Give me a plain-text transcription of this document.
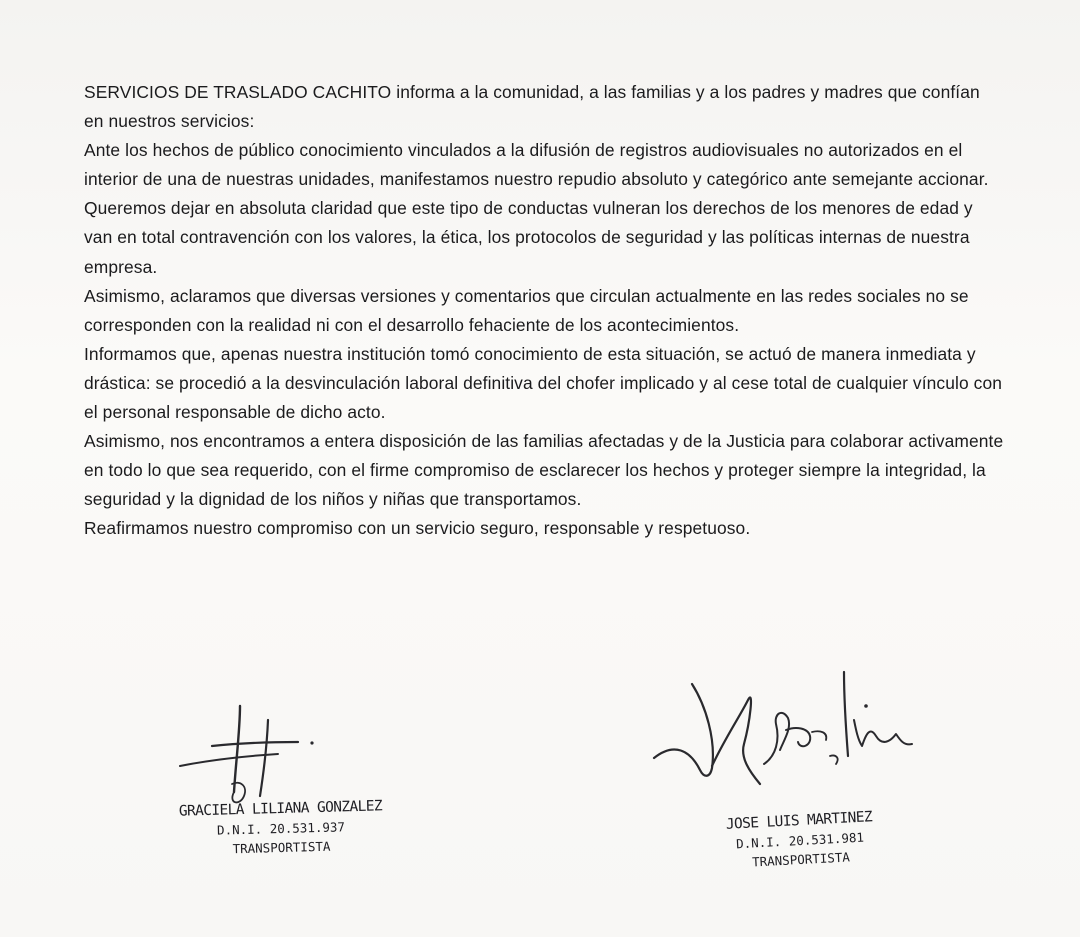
SERVICIOS DE TRASLADO CACHITO informa a la comunidad, a las familias y a los padres y madres que confían en nuestros servicios:

Ante los hechos de público conocimiento vinculados a la difusión de registros audiovisuales no autorizados en el interior de una de nuestras unidades, manifestamos nuestro repudio absoluto y categórico ante semejante accionar.

Queremos dejar en absoluta claridad que este tipo de conductas vulneran los derechos de los menores de edad y van en total contravención con los valores, la ética, los protocolos de seguridad y las políticas internas de nuestra empresa.

Asimismo, aclaramos que diversas versiones y comentarios que circulan actualmente en las redes sociales no se corresponden con la realidad ni con el desarrollo fehaciente de los acontecimientos.

Informamos que, apenas nuestra institución tomó conocimiento de esta situación, se actuó de manera inmediata y drástica: se procedió a la desvinculación laboral definitiva del chofer implicado y al cese total de cualquier vínculo con el personal responsable de dicho acto.

Asimismo, nos encontramos a entera disposición de las familias afectadas y de la Justicia para colaborar activamente en todo lo que sea requerido, con el firme compromiso de esclarecer los hechos y proteger siempre la integridad, la seguridad y la dignidad de los niños y niñas que transportamos.

Reafirmamos nuestro compromiso con un servicio seguro, responsable y respetuoso.

GRACIELA LILIANA GONZALEZ
D.N.I. 20.531.937
TRANSPORTISTA
JOSE LUIS MARTINEZ
D.N.I. 20.531.981
TRANSPORTISTA
